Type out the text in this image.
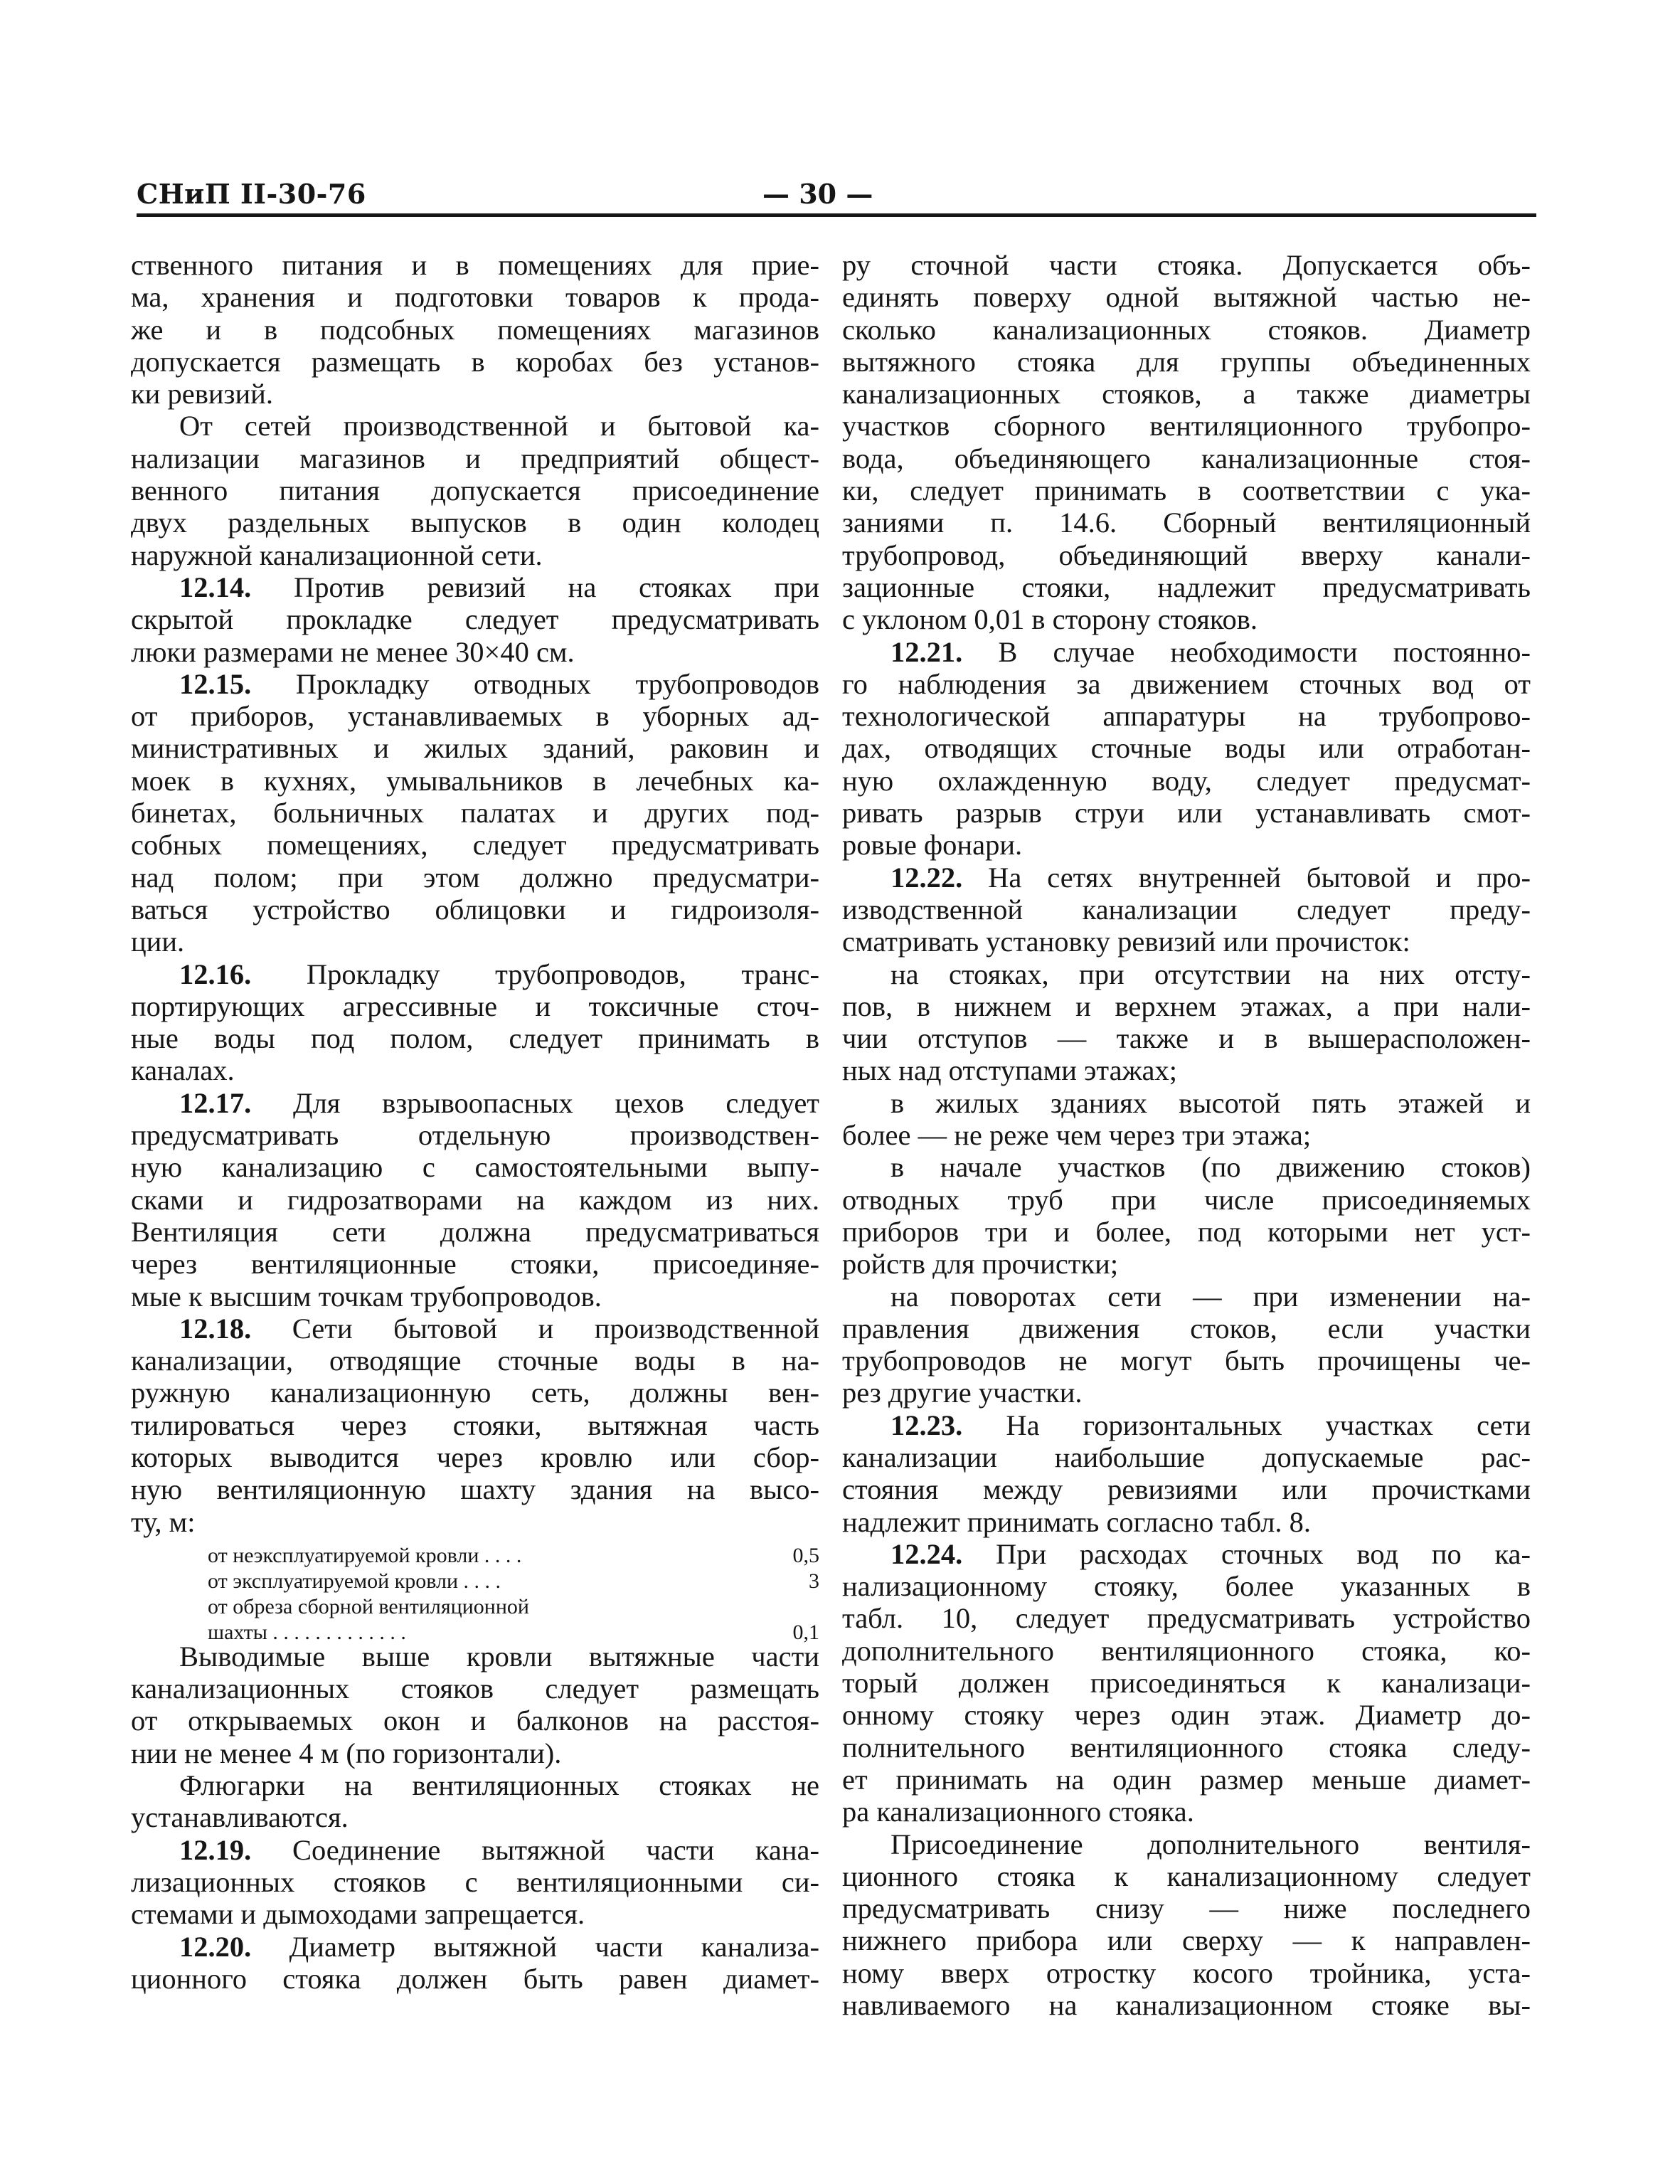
СНиП II-30-76	— 30 —
ственного питания и в помещениях для прие-
ма, хранения и подготовки товаров к прода-
же и в подсобных помещениях магазинов
допускается размещать в коробах без установ-
ки ревизий.
От сетей производственной и бытовой ка-
нализации магазинов и предприятий общест-
венного питания допускается присоединение
двух раздельных выпусков в один колодец
наружной канализационной сети.
12.14. Против ревизий на стояках при
скрытой прокладке следует предусматривать
люки размерами не менее 30×40 см.
12.15. Прокладку отводных трубопроводов
от приборов, устанавливаемых в уборных ад-
министративных и жилых зданий, раковин и
моек в кухнях, умывальников в лечебных ка-
бинетах, больничных палатах и других под-
собных помещениях, следует предусматривать
над полом; при этом должно предусматри-
ваться устройство облицовки и гидроизоля-
ции.
12.16. Прокладку трубопроводов, транс-
портирующих агрессивные и токсичные сточ-
ные воды под полом, следует принимать в
каналах.
12.17. Для взрывоопасных цехов следует
предусматривать отдельную производствен-
ную канализацию с самостоятельными выпу-
сками и гидрозатворами на каждом из них.
Вентиляция сети должна предусматриваться
через вентиляционные стояки, присоединяе-
мые к высшим точкам трубопроводов.
12.18. Сети бытовой и производственной
канализации, отводящие сточные воды в на-
ружную канализационную сеть, должны вен-
тилироваться через стояки, вытяжная часть
которых выводится через кровлю или сбор-
ную вентиляционную шахту здания на высо-
ту, м:
от неэксплуатируемой кровли . . . .	0,5
от эксплуатируемой кровли . . . .	3
от обреза сборной вентиляционной
шахты . . . . . . . . . . . . .	0,1
Выводимые выше кровли вытяжные части
канализационных стояков следует размещать
от открываемых окон и балконов на расстоя-
нии не менее 4 м (по горизонтали).
Флюгарки на вентиляционных стояках не
устанавливаются.
12.19. Соединение вытяжной части кана-
лизационных стояков с вентиляционными си-
стемами и дымоходами запрещается.
12.20. Диаметр вытяжной части канализа-
ционного стояка должен быть равен диамет-
ру сточной части стояка. Допускается объ-
единять поверху одной вытяжной частью не-
сколько канализационных стояков. Диаметр
вытяжного стояка для группы объединенных
канализационных стояков, а также диаметры
участков сборного вентиляционного трубопро-
вода, объединяющего канализационные стоя-
ки, следует принимать в соответствии с ука-
заниями п. 14.6. Сборный вентиляционный
трубопровод, объединяющий вверху канали-
зационные стояки, надлежит предусматривать
с уклоном 0,01 в сторону стояков.
12.21. В случае необходимости постоянно-
го наблюдения за движением сточных вод от
технологической аппаратуры на трубопрово-
дах, отводящих сточные воды или отработан-
ную охлажденную воду, следует предусмат-
ривать разрыв струи или устанавливать смот-
ровые фонари.
12.22. На сетях внутренней бытовой и про-
изводственной канализации следует преду-
сматривать установку ревизий или прочисток:
на стояках, при отсутствии на них отсту-
пов, в нижнем и верхнем этажах, а при нали-
чии отступов — также и в вышерасположен-
ных над отступами этажах;
в жилых зданиях высотой пять этажей и
более — не реже чем через три этажа;
в начале участков (по движению стоков)
отводных труб при числе присоединяемых
приборов три и более, под которыми нет уст-
ройств для прочистки;
на поворотах сети — при изменении на-
правления движения стоков, если участки
трубопроводов не могут быть прочищены че-
рез другие участки.
12.23. На горизонтальных участках сети
канализации наибольшие допускаемые рас-
стояния между ревизиями или прочистками
надлежит принимать согласно табл. 8.
12.24. При расходах сточных вод по ка-
нализационному стояку, более указанных в
табл. 10, следует предусматривать устройство
дополнительного вентиляционного стояка, ко-
торый должен присоединяться к канализаци-
онному стояку через один этаж. Диаметр до-
полнительного вентиляционного стояка следу-
ет принимать на один размер меньше диамет-
ра канализационного стояка.
Присоединение дополнительного вентиля-
ционного стояка к канализационному следует
предусматривать снизу — ниже последнего
нижнего прибора или сверху — к направлен-
ному вверх отростку косого тройника, уста-
навливаемого на канализационном стояке вы-
